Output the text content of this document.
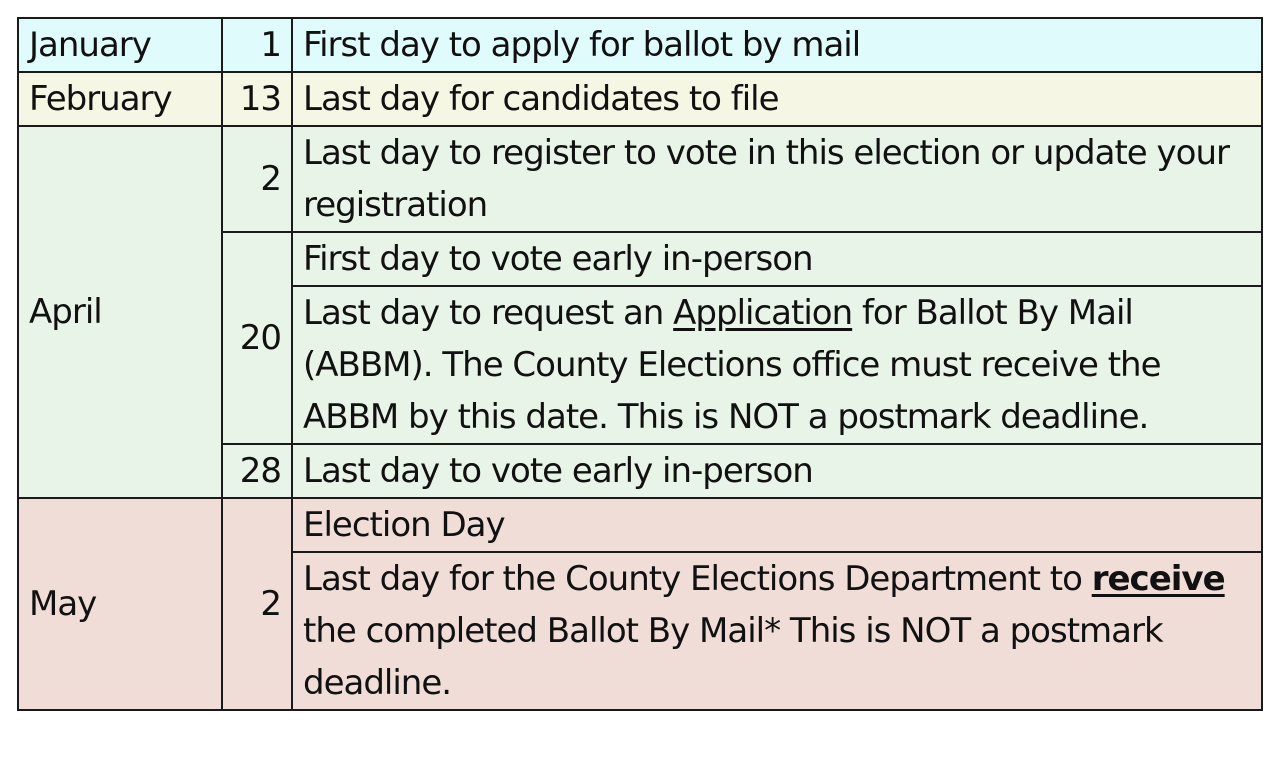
January	1	First day to apply for ballot by mail
February	13	Last day for candidates to file
April	2	Last day to register to vote in this election or update your registration
	20	First day to vote early in-person
		Last day to request an Application for Ballot By Mail (ABBM). The County Elections office must receive the ABBM by this date. This is NOT a postmark deadline.
	28	Last day to vote early in-person
May	2	Election Day
		Last day for the County Elections Department to receive the completed Ballot By Mail* This is NOT a postmark deadline.
